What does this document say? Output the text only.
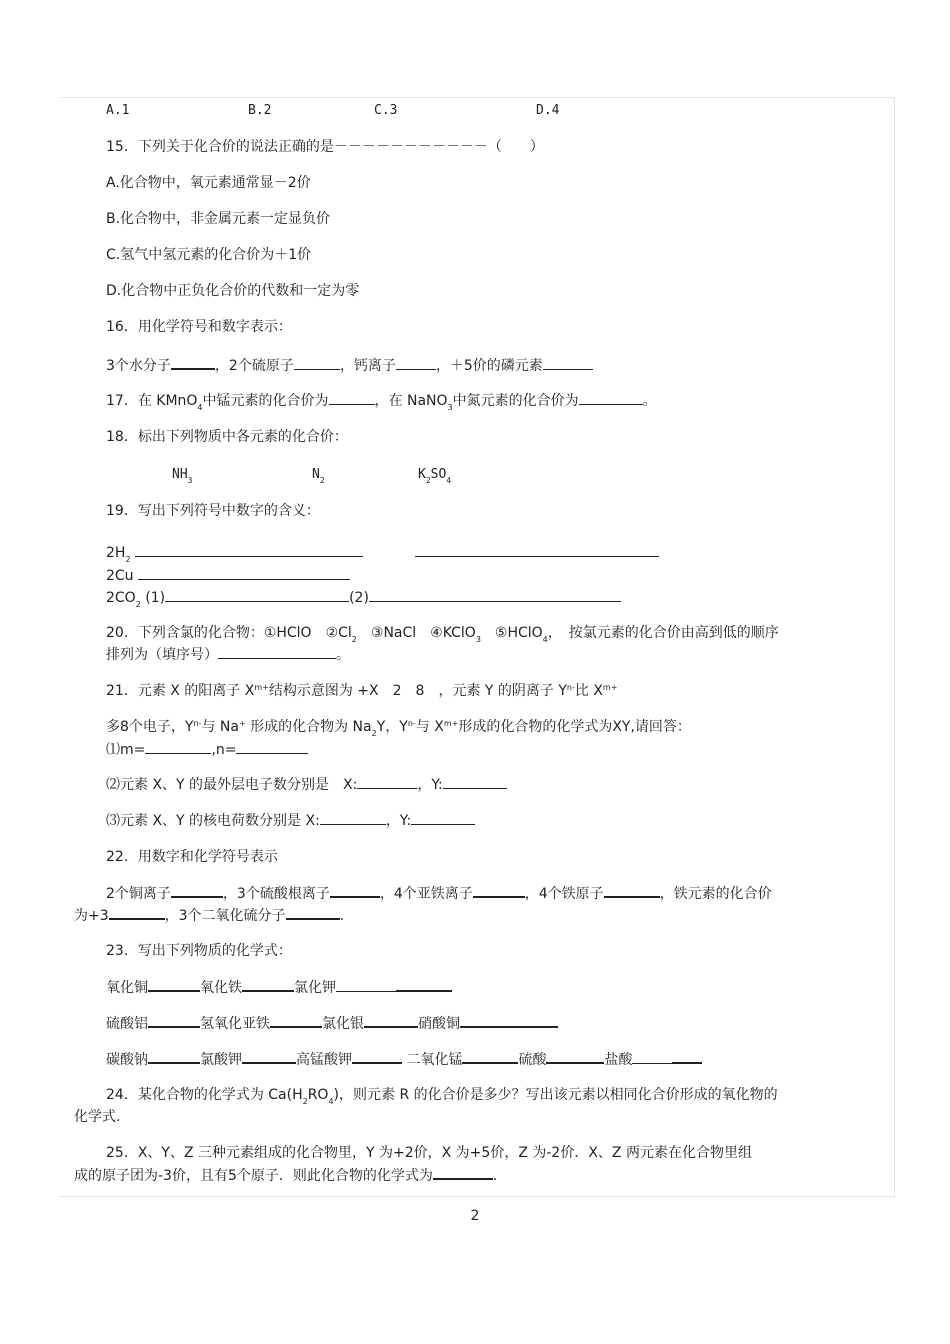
A.1	B.2	C.3	D.4
15．下列关于化合价的说法正确的是－－－－－－－－－－－（　　）
A.化合物中，氧元素通常显－2价
B.化合物中，非金属元素一定显负价
C.氢气中氢元素的化合价为＋1价
D.化合物中正负化合价的代数和一定为零
16．用化学符号和数字表示：
3个水分子	，2个硫原子	，钙离子	，＋5价的磷元素
17．在 KMnO$_4$中锰元素的化合价为	，在 NaNO$_3$中氮元素的化合价为	。
18．标出下列物质中各元素的化合价：
$NH_3$	$N_2$	$K_2SO_4$
19．写出下列符号中数字的含义：
$2H_2$
2Cu
$2CO_2$ (1)	(2)
20．下列含氯的化合物：①HClO　$②Cl_2$　③NaCl　④KClO$_3$　⑤HClO$_4$，　按氯元素的化合价由高到低的顺序
排列为（填序号）	。
21．元素 X 的阳离子 $X^{m+}$结构示意图为 +X　2　8　，元素 Y 的阴离子 $Y^{n-}$比 $X^{m+}$
多8个电子，$Y^{n-}$与 Na+ 形成的化合物为 $Na_2Y$，$Y^{n-}$与 $X^{m+}$形成的化合物的化学式为XY,请回答：
⑴m=	,n=
⑵元素 X、Y 的最外层电子数分别是　X:	，Y:
⑶元素 X、Y 的核电荷数分别是 X:	，Y:
22．用数字和化学符号表示
2个铜离子	，3个硫酸根离子	，4个亚铁离子	，4个铁原子	，铁元素的化合价
为+3	，3个二氧化硫分子	.
23．写出下列物质的化学式：
氧化铜	氧化铁	氯化钾
硫酸铝	氢氧化亚铁	氯化银	硝酸铜
碳酸钠	氯酸钾	高锰酸钾	二氧化锰	硫酸	盐酸
24．某化合物的化学式为 $Ca(H_2RO_4)$，则元素 R 的化合价是多少？写出该元素以相同化合价形成的氧化物的
化学式.
25．X、Y、Z 三种元素组成的化合物里，Y 为+2价，X 为+5价，Z 为-2价．X、Z 两元素在化合物里组
成的原子团为-3价，且有5个原子．则此化合物的化学式为	.
2
